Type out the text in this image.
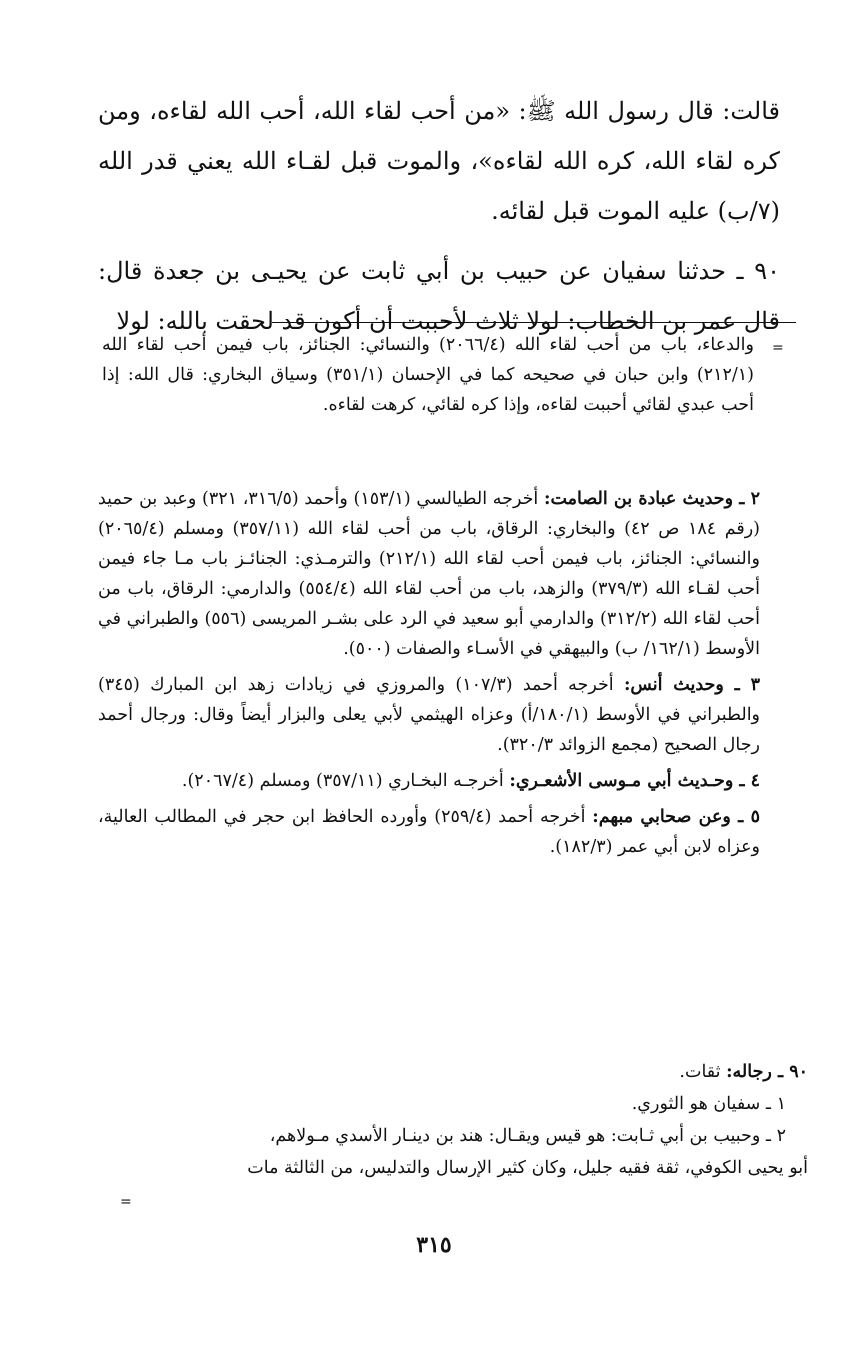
قالت: قال رسول الله ﷺ: «من أحب لقاء الله، أحب الله لقاءه، ومن كره لقاء الله، كره الله لقاءه»، والموت قبل لقـاء الله يعني قدر الله (٧/ب) عليه الموت قبل لقائه.

٩٠ ـ حدثنا سفيان عن حبيب بن أبي ثابت عن يحيـى بن جعدة قال: قال عمر بن الخطاب: لولا ثلاث لأحببت أن أكون قد لحقت بالله: لولا

=

والدعاء، باب من أحب لقاء الله (٢٠٦٦/٤) والنسائي: الجنائز، باب فيمن أحب لقاء الله (٢١٢/١) وابن حبان في صحيحه كما في الإحسان (٣٥١/١) وسياق البخاري: قال الله: إذا أحب عبدي لقائي أحببت لقاءه، وإذا كره لقائي، كرهت لقاءه.

٢ ـ وحديث عبادة بن الصامت: أخرجه الطيالسي (١٥٣/١) وأحمد (٣١٦/٥، ٣٢١) وعبد بن حميد (رقم ١٨٤ ص ٤٢) والبخاري: الرقاق، باب من أحب لقاء الله (٣٥٧/١١) ومسلم (٢٠٦٥/٤) والنسائي: الجنائز، باب فيمن أحب لقاء الله (٢١٢/١) والترمـذي: الجنائـز باب مـا جاء فيمن أحب لقـاء الله (٣٧٩/٣) والزهد، باب من أحب لقاء الله (٥٥٤/٤) والدارمي: الرقاق، باب من أحب لقاء الله (٣١٢/٢) والدارمي أبو سعيد في الرد على بشـر المريسى (٥٥٦) والطبراني في الأوسط (١٦٢/١/ ب) والبيهقي في الأسـاء والصفات (٥٠٠).

٣ ـ وحديث أنس: أخرجه أحمد (١٠٧/٣) والمروزي في زيادات زهد ابن المبارك (٣٤٥) والطبراني في الأوسط (١٨٠/١/أ) وعزاه الهيثمي لأبي يعلى والبزار أيضاً وقال: ورجال أحمد رجال الصحيح (مجمع الزوائد ٣٢٠/٣).

٤ ـ وحـديث أبي مـوسى الأشعـري: أخرجـه البخـاري (٣٥٧/١١) ومسلم (٢٠٦٧/٤).

٥ ـ وعن صحابي مبهم: أخرجه أحمد (٢٥٩/٤) وأورده الحافظ ابن حجر في المطالب العالية، وعزاه لابن أبي عمر (١٨٢/٣).

٩٠ ـ رجاله: ثقات.

١ ـ سفيان هو الثوري.

٢ ـ وحبيب بن أبي ثـابت: هو قيس ويقـال: هند بن دينـار الأسدي مـولاهم،

أبو يحيى الكوفي، ثقة فقيه جليل، وكان كثير الإرسال والتدليس، من الثالثة مات

=
٣١٥
